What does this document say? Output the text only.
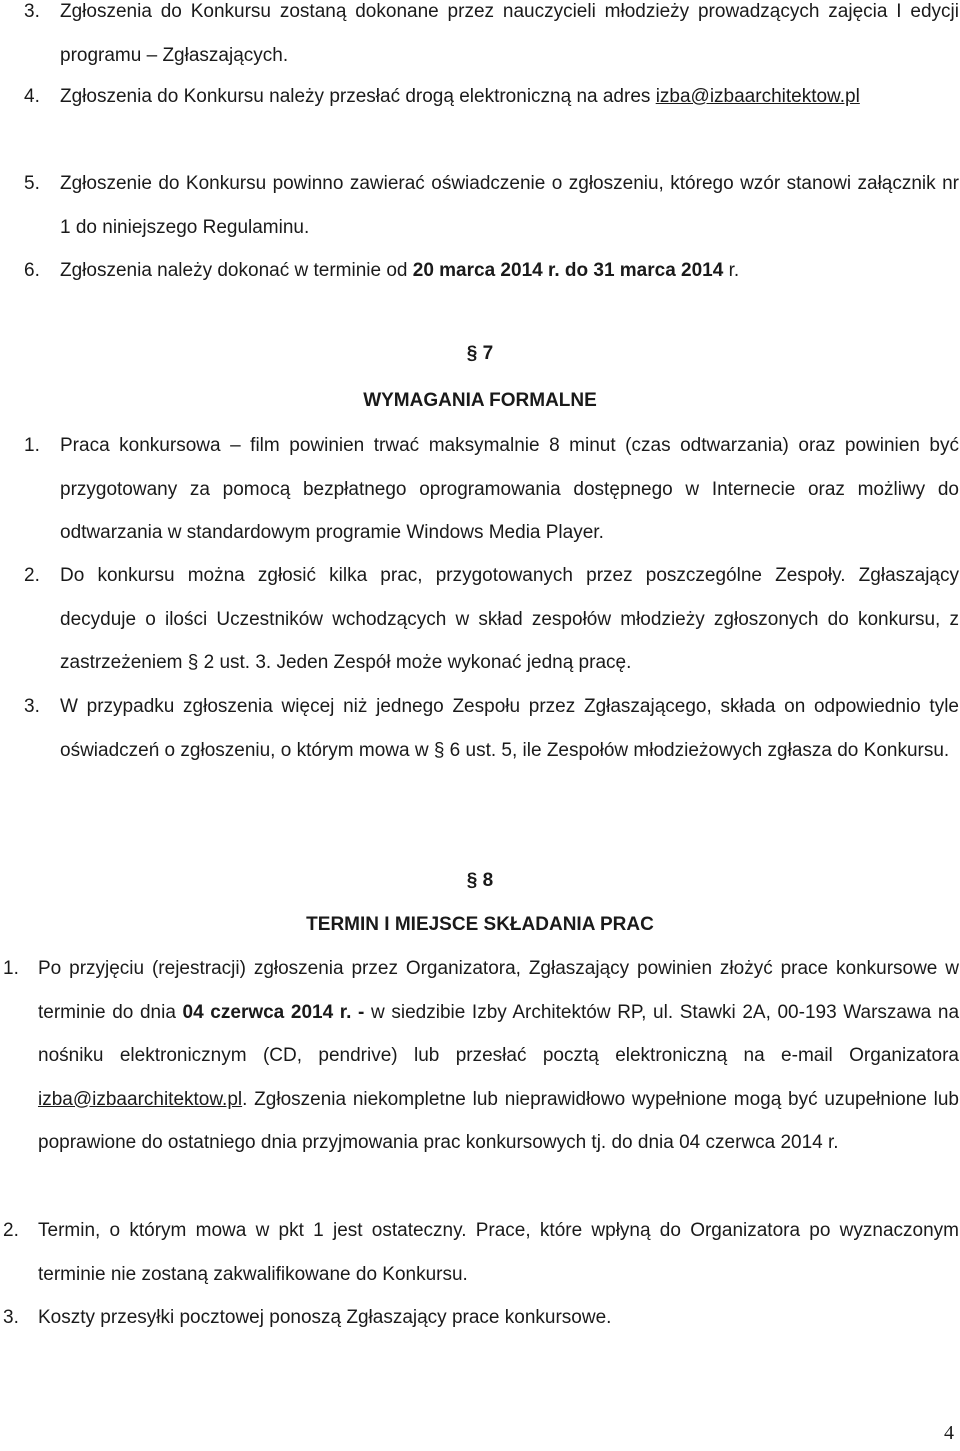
3. Zgłoszenia do Konkursu zostaną dokonane przez nauczycieli młodzieży prowadzących zajęcia I edycji programu – Zgłaszających.

4. Zgłoszenia do Konkursu należy przesłać drogą elektroniczną na adres izba@izbaarchitektow.pl

5. Zgłoszenie do Konkursu powinno zawierać oświadczenie o zgłoszeniu, którego wzór stanowi załącznik nr 1 do niniejszego Regulaminu.

6. Zgłoszenia należy dokonać w terminie od 20 marca 2014 r. do 31 marca 2014 r.

§ 7
WYMAGANIA FORMALNE
1. Praca konkursowa – film powinien trwać maksymalnie 8 minut (czas odtwarzania) oraz powinien być przygotowany za pomocą bezpłatnego oprogramowania dostępnego w Internecie oraz możliwy do odtwarzania w standardowym programie Windows Media Player.

2. Do konkursu można zgłosić kilka prac, przygotowanych przez poszczególne Zespoły. Zgłaszający decyduje o ilości Uczestników wchodzących w skład zespołów młodzieży zgłoszonych do konkursu, z zastrzeżeniem § 2 ust. 3. Jeden Zespół może wykonać jedną pracę.

3. W przypadku zgłoszenia więcej niż jednego Zespołu przez Zgłaszającego, składa on odpowiednio tyle oświadczeń o zgłoszeniu, o którym mowa w § 6 ust. 5, ile Zespołów młodzieżowych zgłasza do Konkursu.

§ 8
TERMIN I MIEJSCE SKŁADANIA PRAC
1. Po przyjęciu (rejestracji) zgłoszenia przez Organizatora, Zgłaszający powinien złożyć prace konkursowe w terminie do dnia 04 czerwca 2014 r. - w siedzibie Izby Architektów RP, ul. Stawki 2A, 00-193 Warszawa na nośniku elektronicznym (CD, pendrive) lub przesłać pocztą elektroniczną na e-mail Organizatora izba@izbaarchitektow.pl. Zgłoszenia niekompletne lub nieprawidłowo wypełnione mogą być uzupełnione lub poprawione do ostatniego dnia przyjmowania prac konkursowych tj. do dnia 04 czerwca 2014 r.

2. Termin, o którym mowa w pkt 1 jest ostateczny. Prace, które wpłyną do Organizatora po wyznaczonym terminie nie zostaną zakwalifikowane do Konkursu.

3. Koszty przesyłki pocztowej ponoszą Zgłaszający prace konkursowe.

4
